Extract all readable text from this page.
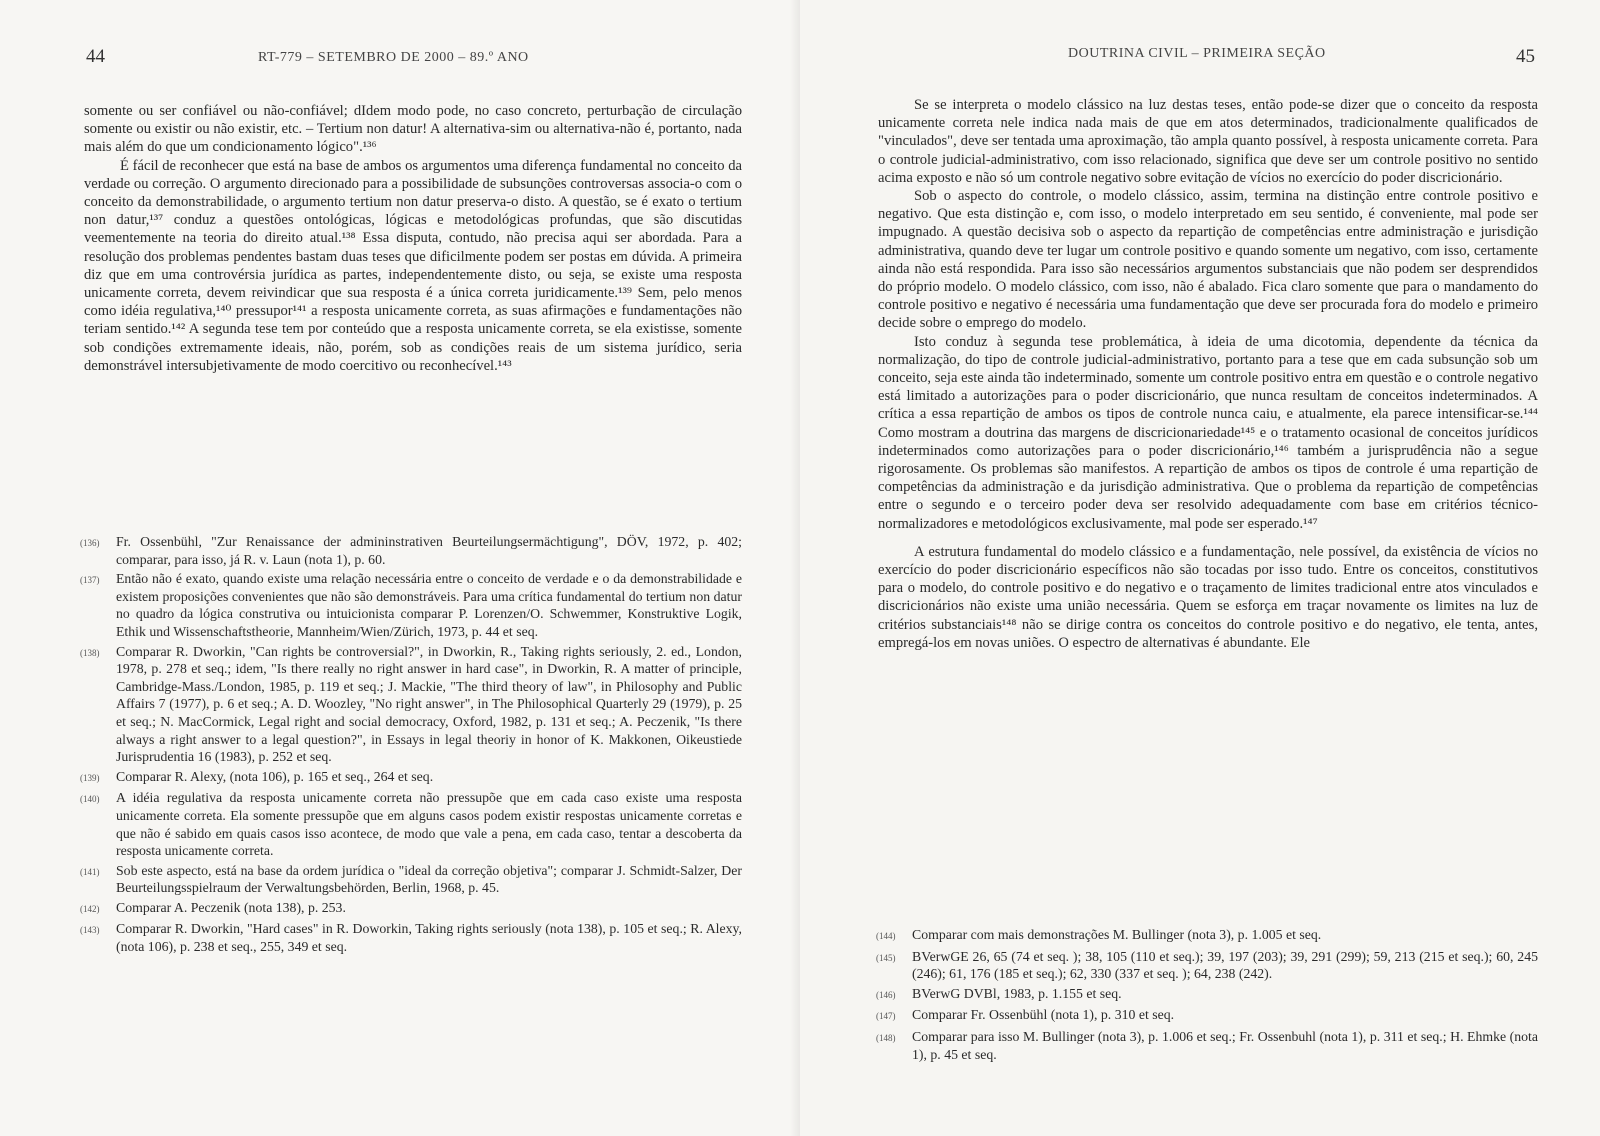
44	RT-779 – SETEMBRO DE 2000 – 89.º ANO

somente ou ser confiável ou não-confiável; dIdem modo pode, no caso concreto, perturbação de circulação somente ou existir ou não existir, etc. – Tertium non datur! A alternativa-sim ou alternativa-não é, portanto, nada mais além do que um condicionamento lógico".¹³⁶

É fácil de reconhecer que está na base de ambos os argumentos uma diferença fundamental no conceito da verdade ou correção. O argumento direcionado para a possibilidade de subsunções controversas associa-o com o conceito da demonstrabilidade, o argumento tertium non datur preserva-o disto. A questão, se é exato o tertium non datur,¹³⁷ conduz a questões ontológicas, lógicas e metodológicas profundas, que são discutidas veementemente na teoria do direito atual.¹³⁸ Essa disputa, contudo, não precisa aqui ser abordada. Para a resolução dos problemas pendentes bastam duas teses que dificilmente podem ser postas em dúvida. A primeira diz que em uma controvérsia jurídica as partes, independentemente disto, ou seja, se existe uma resposta unicamente correta, devem reivindicar que sua resposta é a única correta juridicamente.¹³⁹ Sem, pelo menos como idéia regulativa,¹⁴⁰ pressupor¹⁴¹ a resposta unicamente correta, as suas afirmações e fundamentações não teriam sentido.¹⁴² A segunda tese tem por conteúdo que a resposta unicamente correta, se ela existisse, somente sob condições extremamente ideais, não, porém, sob as condições reais de um sistema jurídico, seria demonstrável intersubjetivamente de modo coercitivo ou reconhecível.¹⁴³

(136)	Fr. Ossenbühl, "Zur Renaissance der admininstrativen Beurteilungsermächtigung", DÖV, 1972, p. 402; comparar, para isso, já R. v. Laun (nota 1), p. 60.
(137)	Então não é exato, quando existe uma relação necessária entre o conceito de verdade e o da demonstrabilidade e existem proposições convenientes que não são demonstráveis. Para uma crítica fundamental do tertium non datur no quadro da lógica construtiva ou intuicionista comparar P. Lorenzen/O. Schwemmer, Konstruktive Logik, Ethik und Wissenschaftstheorie, Mannheim/Wien/Zürich, 1973, p. 44 et seq.
(138)	Comparar R. Dworkin, "Can rights be controversial?", in Dworkin, R., Taking rights seriously, 2. ed., London, 1978, p. 278 et seq.; idem, "Is there really no right answer in hard case", in Dworkin, R. A matter of principle, Cambridge-Mass./London, 1985, p. 119 et seq.; J. Mackie, "The third theory of law", in Philosophy and Public Affairs 7 (1977), p. 6 et seq.; A. D. Woozley, "No right answer", in The Philosophical Quarterly 29 (1979), p. 25 et seq.; N. MacCormick, Legal right and social democracy, Oxford, 1982, p. 131 et seq.; A. Peczenik, "Is there always a right answer to a legal question?", in Essays in legal theoriy in honor of K. Makkonen, Oikeustiede Jurisprudentia 16 (1983), p. 252 et seq.
(139)	Comparar R. Alexy, (nota 106), p. 165 et seq., 264 et seq.
(140)	A idéia regulativa da resposta unicamente correta não pressupõe que em cada caso existe uma resposta unicamente correta. Ela somente pressupõe que em alguns casos podem existir respostas unicamente corretas e que não é sabido em quais casos isso acontece, de modo que vale a pena, em cada caso, tentar a descoberta da resposta unicamente correta.
(141)	Sob este aspecto, está na base da ordem jurídica o "ideal da correção objetiva"; comparar J. Schmidt-Salzer, Der Beurteilungsspielraum der Verwaltungsbehörden, Berlin, 1968, p. 45.
(142)	Comparar A. Peczenik (nota 138), p. 253.
(143)	Comparar R. Dworkin, "Hard cases" in R. Doworkin, Taking rights seriously (nota 138), p. 105 et seq.; R. Alexy, (nota 106), p. 238 et seq., 255, 349 et seq.
DOUTRINA CIVIL – PRIMEIRA SEÇÃO	45

Se se interpreta o modelo clássico na luz destas teses, então pode-se dizer que o conceito da resposta unicamente correta nele indica nada mais de que em atos determinados, tradicionalmente qualificados de "vinculados", deve ser tentada uma aproximação, tão ampla quanto possível, à resposta unicamente correta. Para o controle judicial-administrativo, com isso relacionado, significa que deve ser um controle positivo no sentido acima exposto e não só um controle negativo sobre evitação de vícios no exercício do poder discricionário.

Sob o aspecto do controle, o modelo clássico, assim, termina na distinção entre controle positivo e negativo. Que esta distinção e, com isso, o modelo interpretado em seu sentido, é conveniente, mal pode ser impugnado. A questão decisiva sob o aspecto da repartição de competências entre administração e jurisdição administrativa, quando deve ter lugar um controle positivo e quando somente um negativo, com isso, certamente ainda não está respondida. Para isso são necessários argumentos substanciais que não podem ser desprendidos do próprio modelo. O modelo clássico, com isso, não é abalado. Fica claro somente que para o mandamento do controle positivo e negativo é necessária uma fundamentação que deve ser procurada fora do modelo e primeiro decide sobre o emprego do modelo.

Isto conduz à segunda tese problemática, à ideia de uma dicotomia, dependente da técnica da normalização, do tipo de controle judicial-administrativo, portanto para a tese que em cada subsunção sob um conceito, seja este ainda tão indeterminado, somente um controle positivo entra em questão e o controle negativo está limitado a autorizações para o poder discricionário, que nunca resultam de conceitos indeterminados. A crítica a essa repartição de ambos os tipos de controle nunca caiu, e atualmente, ela parece intensificar-se.¹⁴⁴ Como mostram a doutrina das margens de discricionariedade¹⁴⁵ e o tratamento ocasional de conceitos jurídicos indeterminados como autorizações para o poder discricionário,¹⁴⁶ também a jurisprudência não a segue rigorosamente. Os problemas são manifestos. A repartição de ambos os tipos de controle é uma repartição de competências da administração e da jurisdição administrativa. Que o problema da repartição de competências entre o segundo e o terceiro poder deva ser resolvido adequadamente com base em critérios técnico-normalizadores e metodológicos exclusivamente, mal pode ser esperado.¹⁴⁷

A estrutura fundamental do modelo clássico e a fundamentação, nele possível, da existência de vícios no exercício do poder discricionário específicos não são tocadas por isso tudo. Entre os conceitos, constitutivos para o modelo, do controle positivo e do negativo e o traçamento de limites tradicional entre atos vinculados e discricionários não existe uma união necessária. Quem se esforça em traçar novamente os limites na luz de critérios substanciais¹⁴⁸ não se dirige contra os conceitos do controle positivo e do negativo, ele tenta, antes, empregá-los em novas uniões. O espectro de alternativas é abundante. Ele

(144)	Comparar com mais demonstrações M. Bullinger (nota 3), p. 1.005 et seq.
(145)	BVerwGE 26, 65 (74 et seq. ); 38, 105 (110 et seq.); 39, 197 (203); 39, 291 (299); 59, 213 (215 et seq.); 60, 245 (246); 61, 176 (185 et seq.); 62, 330 (337 et seq. ); 64, 238 (242).
(146)	BVerwG DVBl, 1983, p. 1.155 et seq.
(147)	Comparar Fr. Ossenbühl (nota 1), p. 310 et seq.
(148)	Comparar para isso M. Bullinger (nota 3), p. 1.006 et seq.; Fr. Ossenbuhl (nota 1), p. 311 et seq.; H. Ehmke (nota 1), p. 45 et seq.
